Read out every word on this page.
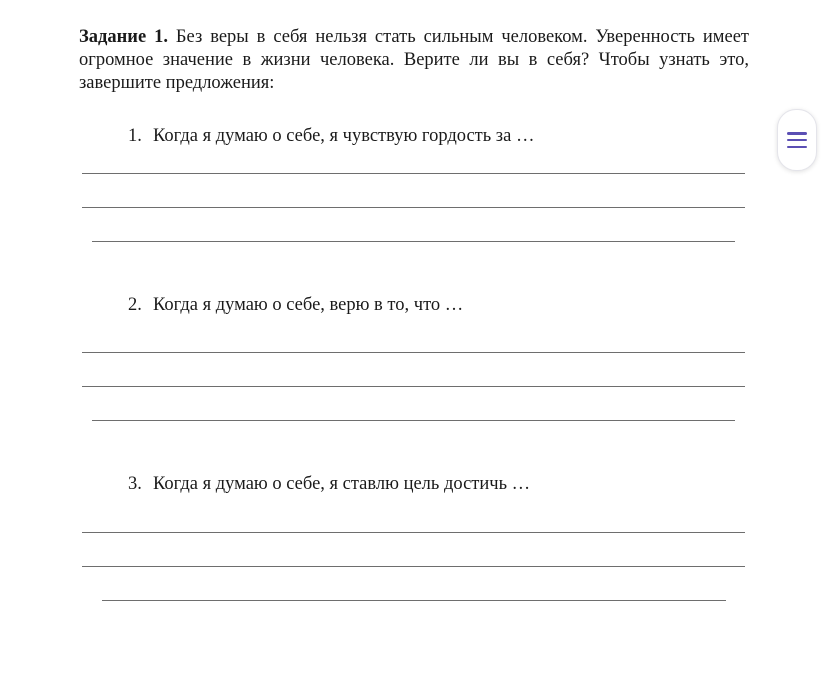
Задание 1. Без веры в себя нельзя стать сильным человеком. Уверенность имеет огромное значение в жизни человека. Верите ли вы в себя? Чтобы узнать это, завершите предложения:
1. Когда я думаю о себе, я чувствую гордость за …
2. Когда я думаю о себе, верю в то, что …
3. Когда я думаю о себе, я ставлю цель достичь …
